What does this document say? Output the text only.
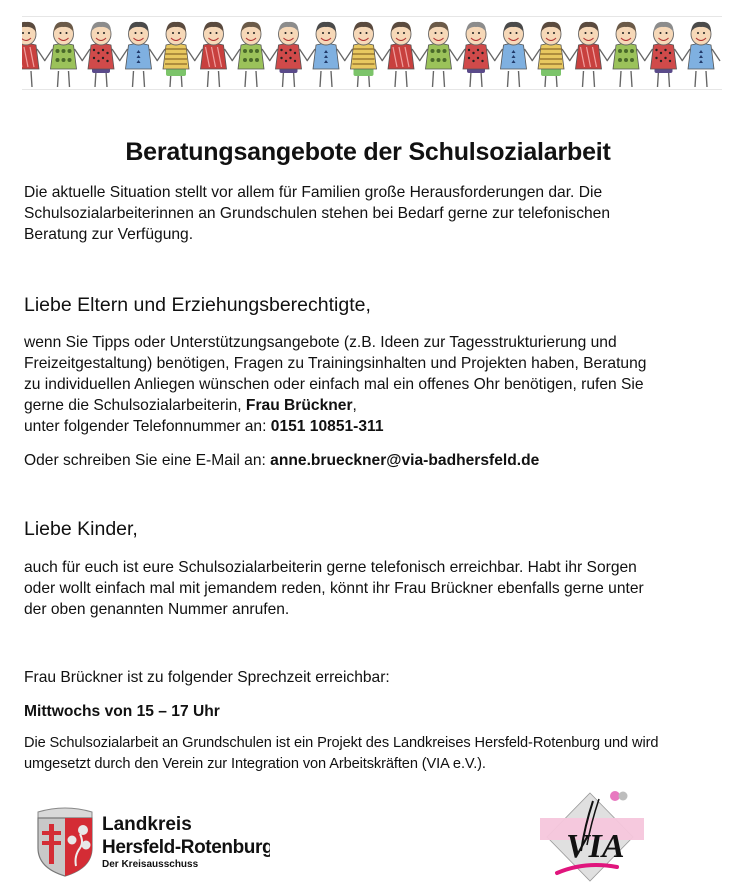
Beratungsangebote der Schulsozialarbeit
Die aktuelle Situation stellt vor allem für Familien große Herausforderungen dar. Die
Schulsozialarbeiterinnen an Grundschulen stehen bei Bedarf gerne zur telefonischen
Beratung zur Verfügung.
Liebe Eltern und Erziehungsberechtigte,
wenn Sie Tipps oder Unterstützungsangebote (z.B. Ideen zur Tagesstrukturierung und
Freizeitgestaltung) benötigen, Fragen zu Trainingsinhalten und Projekten haben, Beratung
zu individuellen Anliegen wünschen oder einfach mal ein offenes Ohr benötigen, rufen Sie
gerne die Schulsozialarbeiterin, Frau Brückner,
unter folgender Telefonnummer an: 0151 10851-311
Oder schreiben Sie eine E-Mail an: anne.brueckner@via-badhersfeld.de
Liebe Kinder,
auch für euch ist eure Schulsozialarbeiterin gerne telefonisch erreichbar. Habt ihr Sorgen
oder wollt einfach mal mit jemandem reden, könnt ihr Frau Brückner ebenfalls gerne unter
der oben genannten Nummer anrufen.
Frau Brückner ist zu folgender Sprechzeit erreichbar:
Mittwochs von 15 – 17 Uhr
Die Schulsozialarbeit an Grundschulen ist ein Projekt des Landkreises Hersfeld-Rotenburg und wird
umgesetzt durch den Verein zur Integration von Arbeitskräften (VIA e.V.).
Landkreis
Hersfeld-Rotenburg
Der Kreisausschuss	VIA
